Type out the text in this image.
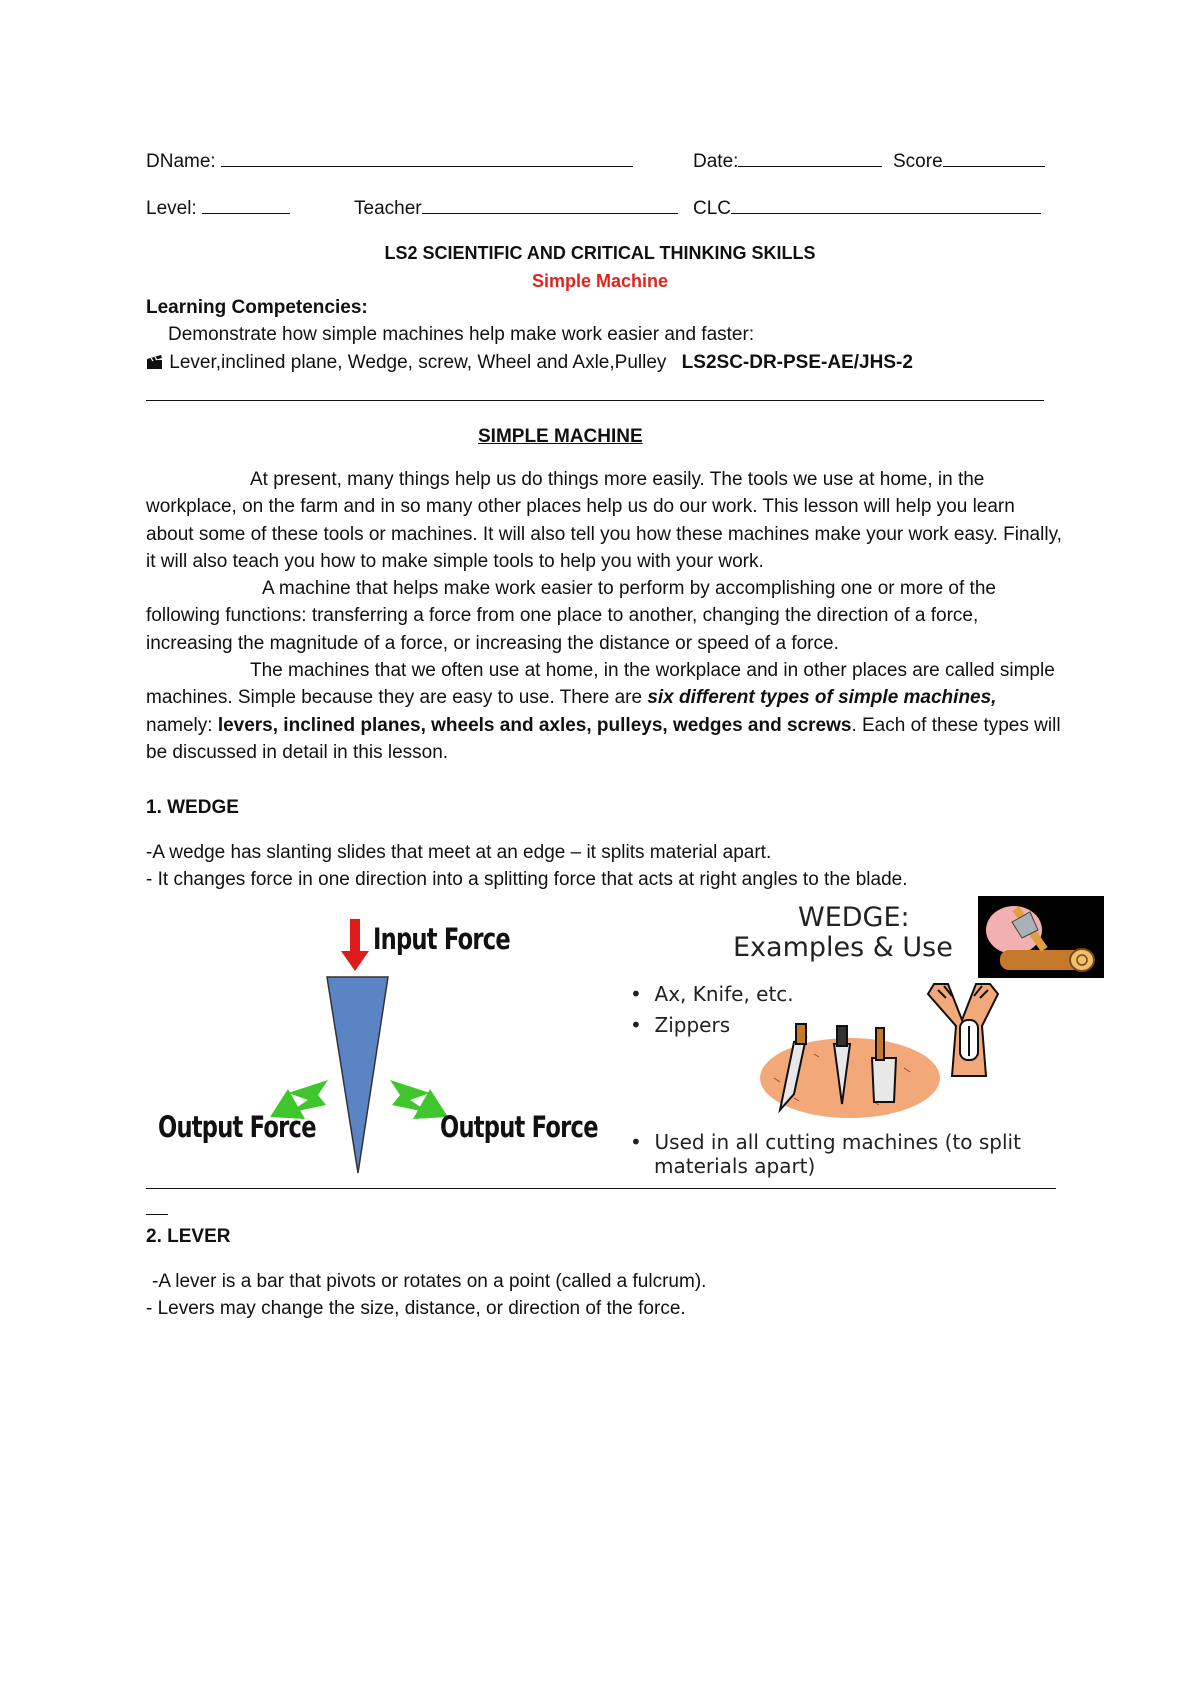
DName:	Date:	Score
Level:	Teacher	CLC
LS2 SCIENTIFIC AND CRITICAL THINKING SKILLS
Simple Machine
Learning Competencies:
Demonstrate how simple machines help make work easier and faster:
Lever,inclined plane, Wedge, screw, Wheel and Axle,Pulley LS2SC-DR-PSE-AE/JHS-2
SIMPLE MACHINE

At present, many things help us do things more easily. The tools we use at home, in the workplace, on the farm and in so many other places help us do our work. This lesson will help you learn about some of these tools or machines. It will also tell you how these machines make your work easy. Finally, it will also teach you how to make simple tools to help you with your work.

A machine that helps make work easier to perform by accomplishing one or more of the following functions: transferring a force from one place to another, changing the direction of a force, increasing the magnitude of a force, or increasing the distance or speed of a force.

The machines that we often use at home, in the workplace and in other places are called simple machines. Simple because they are easy to use. There are six different types of simple machines, namely: levers, inclined planes, wheels and axles, pulleys, wedges and screws. Each of these types will be discussed in detail in this lesson.

1. WEDGE
-A wedge has slanting slides that meet at an edge – it splits material apart.
- It changes force in one direction into a splitting force that acts at right angles to the blade.
Input Force
Output Force	Output Force
WEDGE:
Examples & Use
•  Ax, Knife, etc.
•  Zippers
•  Used in all cutting machines (to split
materials apart)
2. LEVER
-A lever is a bar that pivots or rotates on a point (called a fulcrum).
- Levers may change the size, distance, or direction of the force.
